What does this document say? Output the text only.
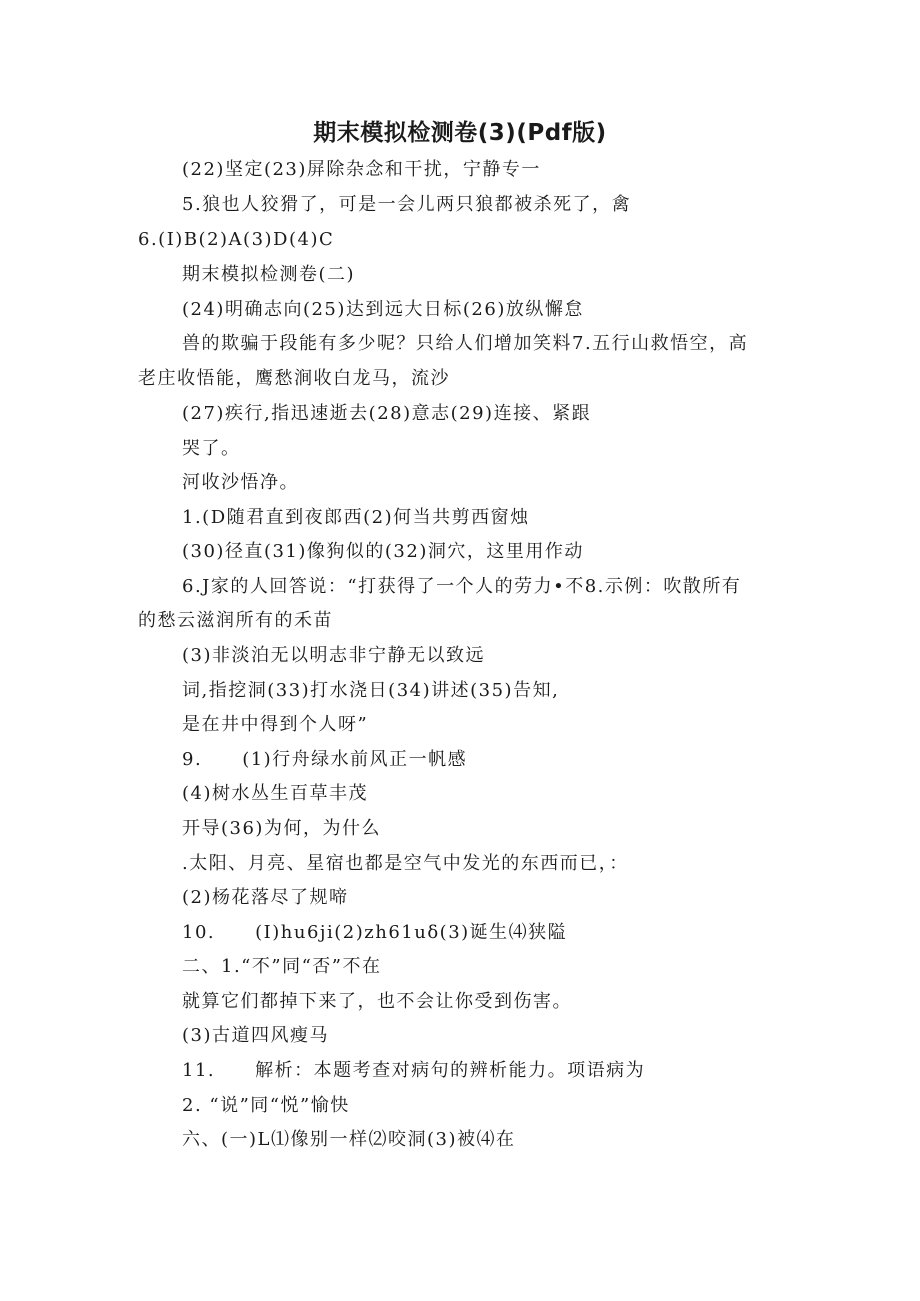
期末模拟检测卷(3)(Pdf版)
(22)坚定(23)屏除杂念和干扰，宁静专一
5.狼也人狡猾了，可是一会儿两只狼都被杀死了，禽
6.(I)B(2)A(3)D(4)C
期末模拟检测卷(二)
(24)明确志向(25)达到远大日标(26)放纵懈怠
兽的欺骗于段能有多少呢？只给人们增加笑料7.五行山救悟空，高
老庄收悟能，鹰愁涧收白龙马，流沙
(27)疾行,指迅速逝去(28)意志(29)连接、紧跟
哭了。
河收沙悟净。
1.(D随君直到夜郎西(2)何当共剪西窗烛
(30)径直(31)像狗似的(32)洞穴，这里用作动
6.J家的人回答说：“打获得了一个人的劳力•不8.示例：吹散所有
的愁云滋润所有的禾苗
(3)非淡泊无以明志非宁静无以致远
词,指挖洞(33)打水浇日(34)讲述(35)告知,
是在井中得到个人呀”
9. (1)行舟绿水前风正一帆感
(4)树水丛生百草丰茂
开导(36)为何，为什么
.太阳、月亮、星宿也都是空气中发光的东西而已，：
(2)杨花落尽了规啼
10. (I)hu6ji(2)zh61uδ(3)诞生⑷狭隘
二、1.“不”同“否”不在
就算它们都掉下来了，也不会让你受到伤害。
(3)古道四风瘦马
11. 解析：本题考查对病句的辨析能力。项语病为
2. “说”同“悦”愉快
六、(一)L⑴像别一样⑵咬洞(3)被⑷在
